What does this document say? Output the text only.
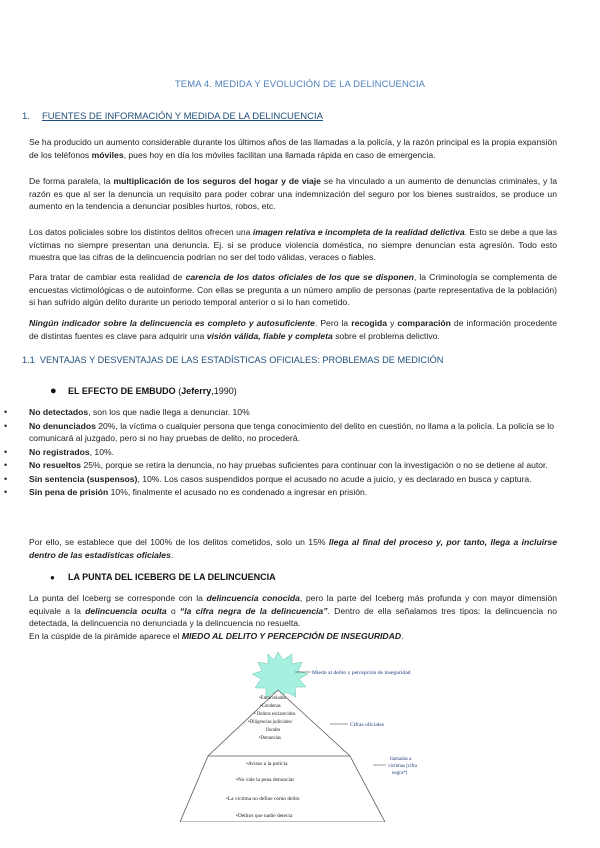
TEMA 4. MEDIDA Y EVOLUCIÓN DE LA DELINCUENCIA
1. FUENTES DE INFORMACIÓN Y MEDIDA DE LA DELINCUENCIA
Se ha producido un aumento considerable durante los últimos años de las llamadas a la policía, y la razón principal es la propia expansión de los teléfonos móviles, pues hoy en día los móviles facilitan una llamada rápida en caso de emergencia.
De forma paralela, la multiplicación de los seguros del hogar y de viaje se ha vinculado a un aumento de denuncias criminales, y la razón es que al ser la denuncia un requisito para poder cobrar una indemnización del seguro por los bienes sustraídos, se produce un aumento en la tendencia a denunciar posibles hurtos, robos, etc.
Los datos policiales sobre los distintos delitos ofrecen una imagen relativa e incompleta de la realidad delictiva. Esto se debe a que las víctimas no siempre presentan una denuncia. Ej. si se produce violencia doméstica, no siempre denuncian esta agresión. Todo esto muestra que las cifras de la delincuencia podrían no ser del todo válidas, veraces o fiables.
Para tratar de cambiar esta realidad de carencia de los datos oficiales de los que se disponen, la Criminología se complementa de encuestas victimológicas o de autoinforme. Con ellas se pregunta a un número amplio de personas (parte representativa de la población) si han sufrido algún delito durante un periodo temporal anterior o si lo han cometido.
Ningún indicador sobre la delincuencia es completo y autosuficiente. Pero la recogida y comparación de información procedente de distintas fuentes es clave para adquirir una visión válida, fiable y completa sobre el problema delictivo.
1.1 VENTAJAS Y DESVENTAJAS DE LAS ESTADÍSTICAS OFICIALES: PROBLEMAS DE MEDICIÓN
● EL EFECTO DE EMBUDO (Jeferry,1990)
•	No detectados, son los que nadie llega a denunciar. 10%
•	No denunciados 20%, la víctima o cualquier persona que tenga conocimiento del delito en cuestión, no llama a la policía. La policía se lo comunicará al juzgado, pero si no hay pruebas de delito, no procederá.
•	No registrados, 10%.
•	No resueltos 25%, porque se retira la denuncia, no hay pruebas suficientes para continuar con la investigación o no se detiene al autor.
•	Sin sentencia (suspensos), 10%. Los casos suspendidos porque el acusado no acude a juicio, y es declarado en busca y captura.
•	Sin pena de prisión 10%, finalmente el acusado no es condenado a ingresar en prisión.
Por ello, se establece que del 100% de los delitos cometidos, solo un 15% llega al final del proceso y, por tanto, llega a incluirse dentro de las estadísticas oficiales.
● LA PUNTA DEL ICEBERG DE LA DELINCUENCIA
La punta del Iceberg se corresponde con la delincuencia conocida, pero la parte del Iceberg más profunda y con mayor dimensión equivale a la delincuencia oculta o “la cifra negra de la delincuencia”. Dentro de ella señalamos tres tipos: la delincuencia no detectada, la delincuencia no denunciada y la delincuencia no resuelta.
En la cúspide de la pirámide aparece el MIEDO AL DELITO Y PERCEPCIÓN DE INSEGURIDAD.
Miedo al delito y percepción de inseguridad
Cifras oficiales
llamadas a
víctimas (cifra
negra*)
•Encarcelados
•Condenas
• Delitos esclarecidos
•Diligencias judiciales/
fiscales
•Denuncias
•Avisos a la policía
•No vale la pena denunciar
•La víctima no define como delito
•Delitos que nadie detecta
